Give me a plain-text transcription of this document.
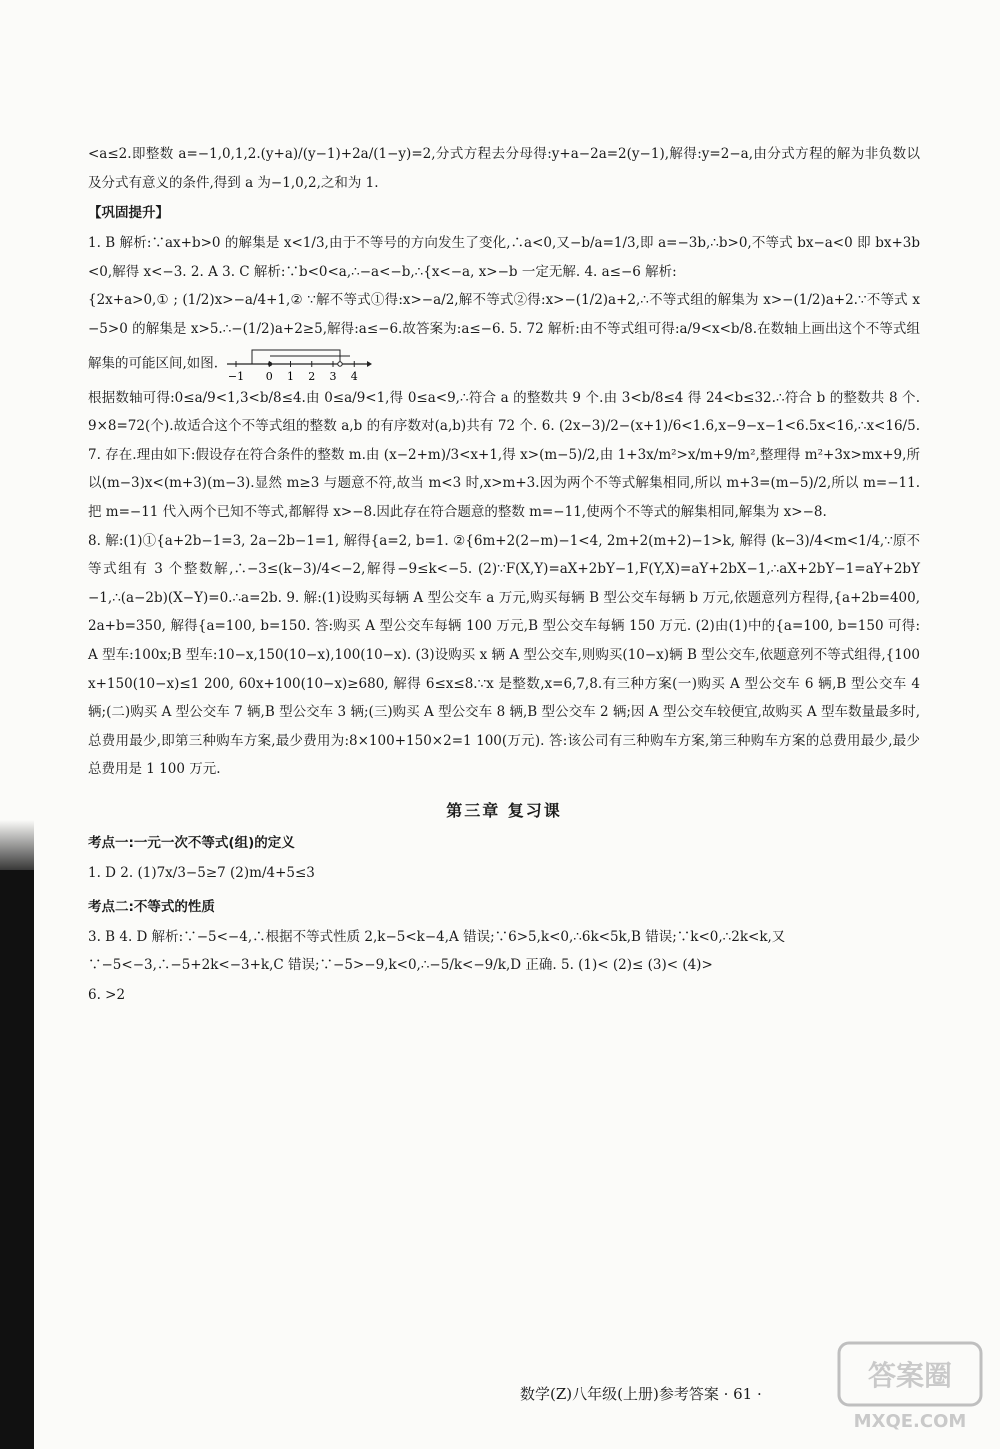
<a≤2.即整数 a=−1,0,1,2.(y+a)/(y−1)+2a/(1−y)=2,分式方程去分母得:y+a−2a=2(y−1),解得:y=2−a,由分式方程的解为非负数以及分式有意义的条件,得到 a 为−1,0,2,之和为 1.

【巩固提升】

1. B 解析:∵ax+b>0 的解集是 x<1/3,由于不等号的方向发生了变化,∴a<0,又−b/a=1/3,即 a=−3b,∴b>0,不等式 bx−a<0 即 bx+3b<0,解得 x<−3. 2. A 3. C 解析:∵b<0<a,∴−a<−b,∴{x<−a, x>−b 一定无解. 4. a≤−6 解析:

{2x+a>0,① ; (1/2)x>−a/4+1,② ∵解不等式①得:x>−a/2,解不等式②得:x>−(1/2)a+2,∴不等式组的解集为 x>−(1/2)a+2.∵不等式 x−5>0 的解集是 x>5.∴−(1/2)a+2≥5,解得:a≤−6.故答案为:a≤−6. 5. 72 解析:由不等式组可得:a/9<x<b/8.在数轴上画出这个不等式组解集的可能区间,如图.
−1 0 1 2 3 4

根据数轴可得:0≤a/9<1,3<b/8≤4.由 0≤a/9<1,得 0≤a<9,∴符合 a 的整数共 9 个.由 3<b/8≤4 得 24<b≤32.∴符合 b 的整数共 8 个.9×8=72(个).故适合这个不等式组的整数 a,b 的有序数对(a,b)共有 72 个. 6. (2x−3)/2−(x+1)/6<1.6,x−9−x−1<6.5x<16,∴x<16/5. 7. 存在.理由如下:假设存在符合条件的整数 m.由 (x−2+m)/3<x+1,得 x>(m−5)/2,由 1+3x/m²>x/m+9/m²,整理得 m²+3x>mx+9,所以(m−3)x<(m+3)(m−3).显然 m≥3 与题意不符,故当 m<3 时,x>m+3.因为两个不等式解集相同,所以 m+3=(m−5)/2,所以 m=−11.把 m=−11 代入两个已知不等式,都解得 x>−8.因此存在符合题意的整数 m=−11,使两个不等式的解集相同,解集为 x>−8.

8. 解:(1)①{a+2b−1=3, 2a−2b−1=1, 解得{a=2, b=1. ②{6m+2(2−m)−1<4, 2m+2(m+2)−1>k, 解得 (k−3)/4<m<1/4,∵原不等式组有 3 个整数解,∴−3≤(k−3)/4<−2,解得−9≤k<−5. (2)∵F(X,Y)=aX+2bY−1,F(Y,X)=aY+2bX−1,∴aX+2bY−1=aY+2bY−1,∴(a−2b)(X−Y)=0.∴a=2b. 9. 解:(1)设购买每辆 A 型公交车 a 万元,购买每辆 B 型公交车每辆 b 万元,依题意列方程得,{a+2b=400, 2a+b=350, 解得{a=100, b=150. 答:购买 A 型公交车每辆 100 万元,B 型公交车每辆 150 万元. (2)由(1)中的{a=100, b=150 可得:A 型车:100x;B 型车:10−x,150(10−x),100(10−x). (3)设购买 x 辆 A 型公交车,则购买(10−x)辆 B 型公交车,依题意列不等式组得,{100x+150(10−x)≤1 200, 60x+100(10−x)≥680, 解得 6≤x≤8.∵x 是整数,x=6,7,8.有三种方案(一)购买 A 型公交车 6 辆,B 型公交车 4 辆;(二)购买 A 型公交车 7 辆,B 型公交车 3 辆;(三)购买 A 型公交车 8 辆,B 型公交车 2 辆;因 A 型公交车较便宜,故购买 A 型车数量最多时,总费用最少,即第三种购车方案,最少费用为:8×100+150×2=1 100(万元). 答:该公司有三种购车方案,第三种购车方案的总费用最少,最少总费用是 1 100 万元.

第三章 复习课
考点一:一元一次不等式(组)的定义

1. D 2. (1)7x/3−5≥7 (2)m/4+5≤3

考点二:不等式的性质

3. B 4. D 解析:∵−5<−4,∴根据不等式性质 2,k−5<k−4,A 错误;∵6>5,k<0,∴6k<5k,B 错误;∵k<0,∴2k<k,又∵−5<−3,∴−5+2k<−3+k,C 错误;∵−5>−9,k<0,∴−5/k<−9/k,D 正确. 5. (1)< (2)≤ (3)< (4)>

6. >2

数学(Z)八年级(上册)参考答案 · 61 ·
答案圈
MXQE.COM
